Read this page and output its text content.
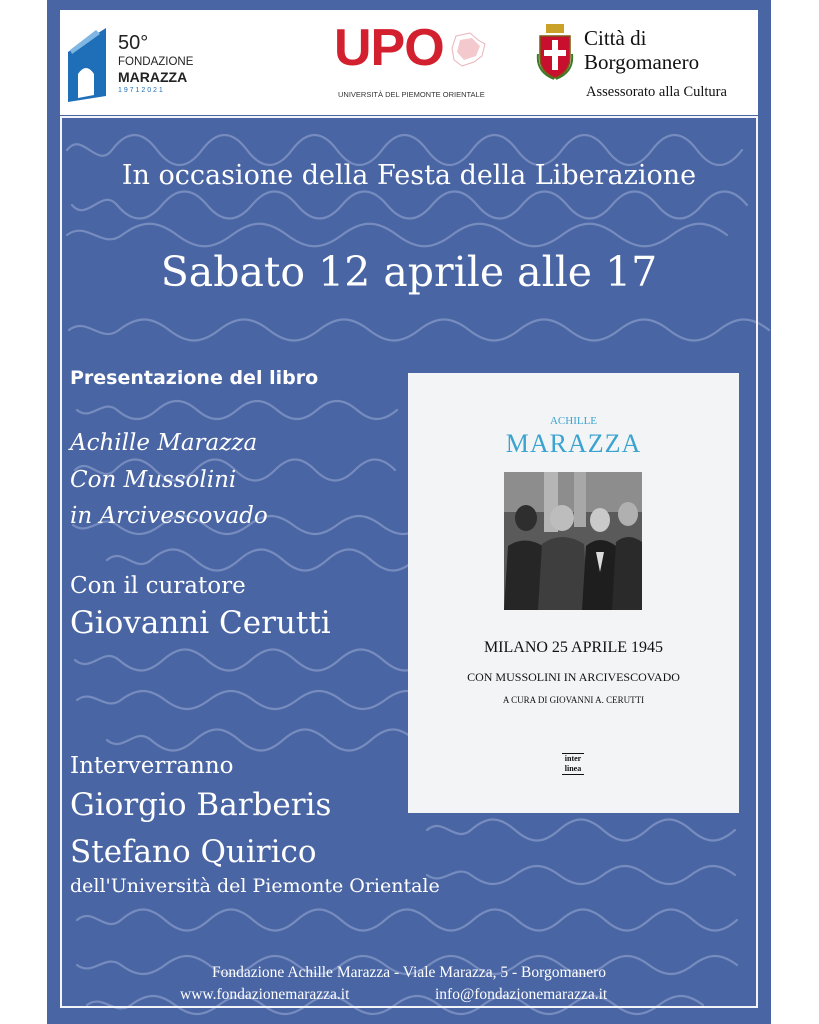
50°
FONDAZIONE
MARAZZA
1 9 7 1 2 0 2 1
UPO
UNIVERSITÀ DEL PIEMONTE ORIENTALE
Città di
Borgomanero
Assessorato alla Cultura
In occasione della Festa della Liberazione
Sabato 12 aprile alle 17
Presentazione del libro
Achille Marazza
Con Mussolini
in Arcivescovado
Con il curatore
Giovanni Cerutti
Interverranno
Giorgio Barberis
Stefano Quirico
dell'Università del Piemonte Orientale
ACHILLE
MARAZZA
MILANO 25 APRILE 1945
CON MUSSOLINI IN ARCIVESCOVADO
A CURA DI GIOVANNI A. CERUTTI
inter
linea
Fondazione Achille Marazza - Viale Marazza, 5 - Borgomanero
www.fondazionemarazza.it	info@fondazionemarazza.it
